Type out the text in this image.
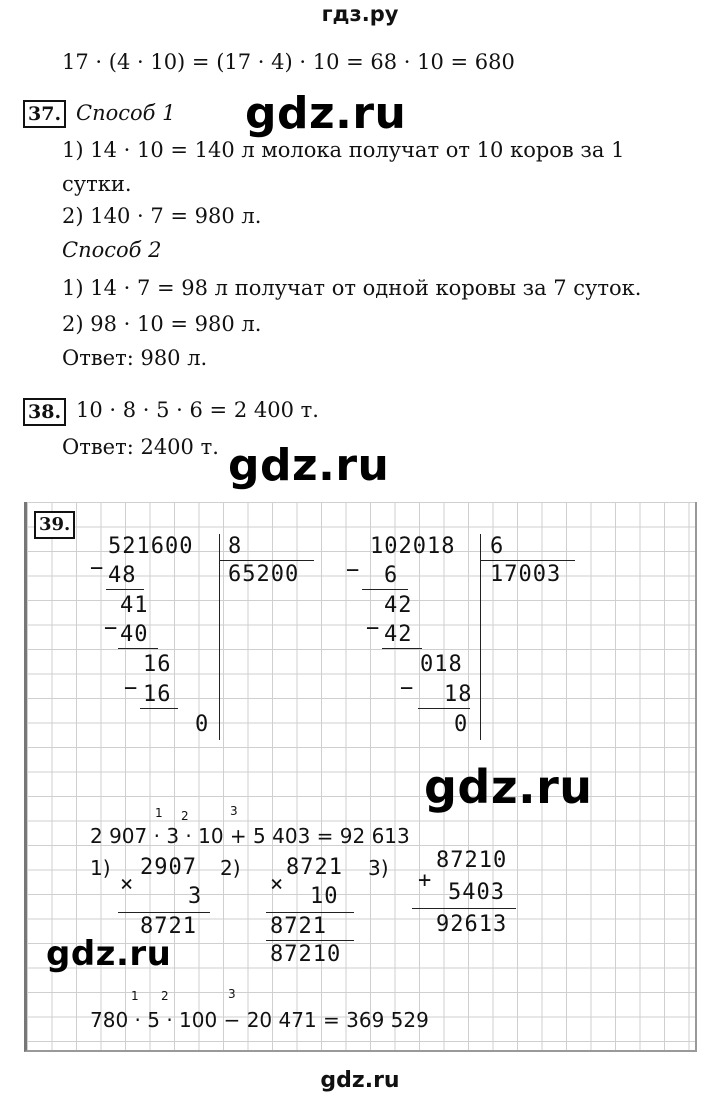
гдз.ру
17 · (4 · 10) = (17 · 4) · 10 = 68 · 10 = 680
37. Способ 1
1) 14 · 10 = 140 л молока получат от 10 коров за 1
сутки.
2) 140 · 7 = 980 л.
Способ 2
1) 14 · 7 = 98 л получат от одной коровы за 7 суток.
2) 98 · 10 = 980 л.
Ответ: 980 л.
38. 10 · 8 · 5 · 6 = 2 400 т.
Ответ: 2400 т.
gdz.ru
gdz.ru
39.
521600 8
65200
− 48
41
− 40
16
− 16
0
102018 6
17003
− 6
42
− 42
018
− 18
0
gdz.ru
1 2	3
2 907 · 3 · 10 + 5 403 = 92 613
1) 2907
× 3
8721
2) 8721
× 10
8721
87210
3) 87210
+ 5403
92613
gdz.ru
1 2	3
780 · 5 · 100 − 20 471 = 369 529
gdz.ru
